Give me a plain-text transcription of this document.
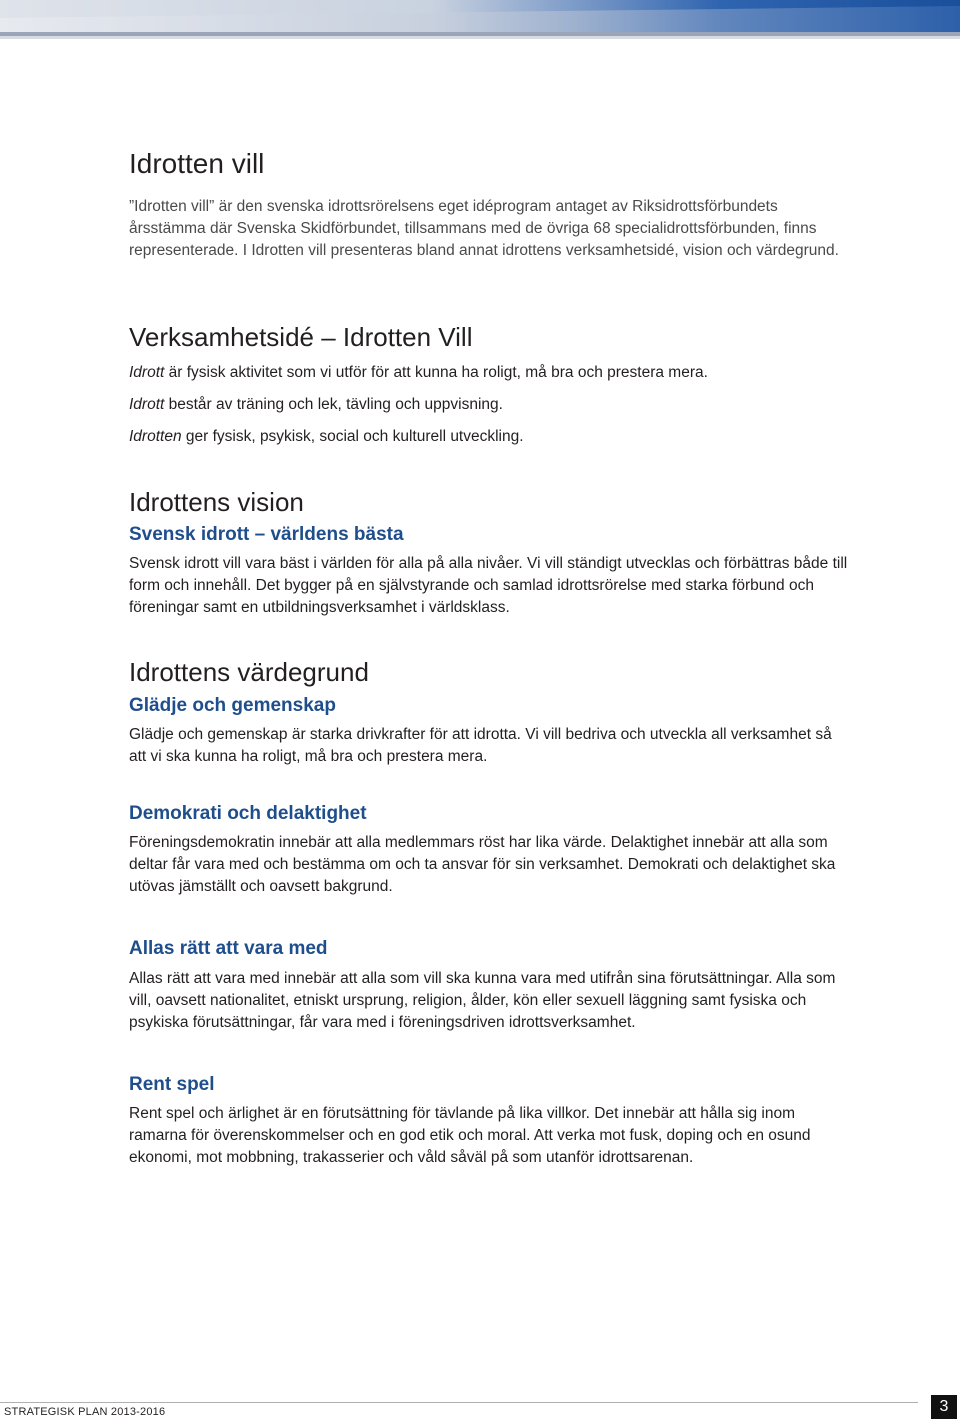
Idrotten vill

”Idrotten vill” är den svenska idrottsrörelsens eget idéprogram antaget av Riksidrottsförbundets årsstämma där Svenska Skidförbundet, tillsammans med de övriga 68 specialidrottsförbunden, finns representerade. I Idrotten vill presenteras bland annat idrottens verksamhetsidé, vision och värdegrund.

Verksamhetsidé – Idrotten Vill

Idrott är fysisk aktivitet som vi utför för att kunna ha roligt, må bra och prestera mera.

Idrott består av träning och lek, tävling och uppvisning.

Idrotten ger fysisk, psykisk, social och kulturell utveckling.

Idrottens vision
Svensk idrott – världens bästa

Svensk idrott vill vara bäst i världen för alla på alla nivåer. Vi vill ständigt utvecklas och förbättras både till form och innehåll. Det bygger på en självstyrande och samlad idrottsrörelse med starka förbund och föreningar samt en utbildningsverksamhet i världsklass.

Idrottens värdegrund
Glädje och gemenskap

Glädje och gemenskap är starka drivkrafter för att idrotta. Vi vill bedriva och utveckla all verksamhet så att vi ska kunna ha roligt, må bra och prestera mera.

Demokrati och delaktighet

Föreningsdemokratin innebär att alla medlemmars röst har lika värde. Delaktighet innebär att alla som deltar får vara med och bestämma om och ta ansvar för sin verksamhet. Demokrati och delaktighet ska utövas jämställt och oavsett bakgrund.

Allas rätt att vara med

Allas rätt att vara med innebär att alla som vill ska kunna vara med utifrån sina förutsättningar. Alla som vill, oavsett nationalitet, etniskt ursprung, religion, ålder, kön eller sexuell läggning samt fysiska och psykiska förutsättningar, får vara med i föreningsdriven idrottsverksamhet.

Rent spel

Rent spel och ärlighet är en förutsättning för tävlande på lika villkor. Det innebär att hålla sig inom ramarna för överenskommelser och en god etik och moral. Att verka mot fusk, doping och en osund ekonomi, mot mobbning, trakasserier och våld såväl på som utanför idrottsarenan.

STRATEGISK PLAN 2013-2016	3
